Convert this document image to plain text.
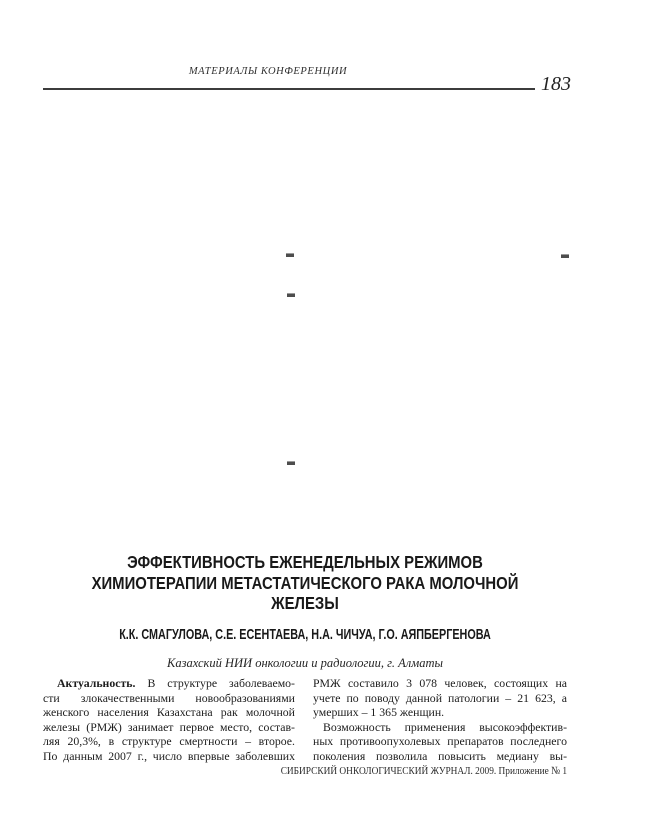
МАТЕРИАЛЫ КОНФЕРЕНЦИИ
183
ЭФФЕКТИВНОСТЬ ЕЖЕНЕДЕЛЬНЫХ РЕЖИМОВ
ХИМИОТЕРАПИИ МЕТАСТАТИЧЕСКОГО РАКА МОЛОЧНОЙ
ЖЕЛЕЗЫ
К.К. СМАГУЛОВА, С.Е. ЕСЕНТАЕВА, Н.А. ЧИЧУА, Г.О. АЯПБЕРГЕНОВА
Казахский НИИ онкологии и радиологии, г. Алматы
Актуальность. В структуре заболеваемо-
сти злокачественными новообразованиями
женского населения Казахстана рак молочной
железы (РМЖ) занимает первое место, состав-
ляя 20,3%, в структуре смертности – второе.
По данным 2007 г., число впервые заболевших
РМЖ составило 3 078 человек, состоящих на
учете по поводу данной патологии – 21 623, а
умерших – 1 365 женщин.
Возможность применения высокоэффектив-
ных противоопухолевых препаратов последнего
поколения позволила повысить медиану вы-
СИБИРСКИЙ ОНКОЛОГИЧЕСКИЙ ЖУРНАЛ. 2009. Приложение № 1
